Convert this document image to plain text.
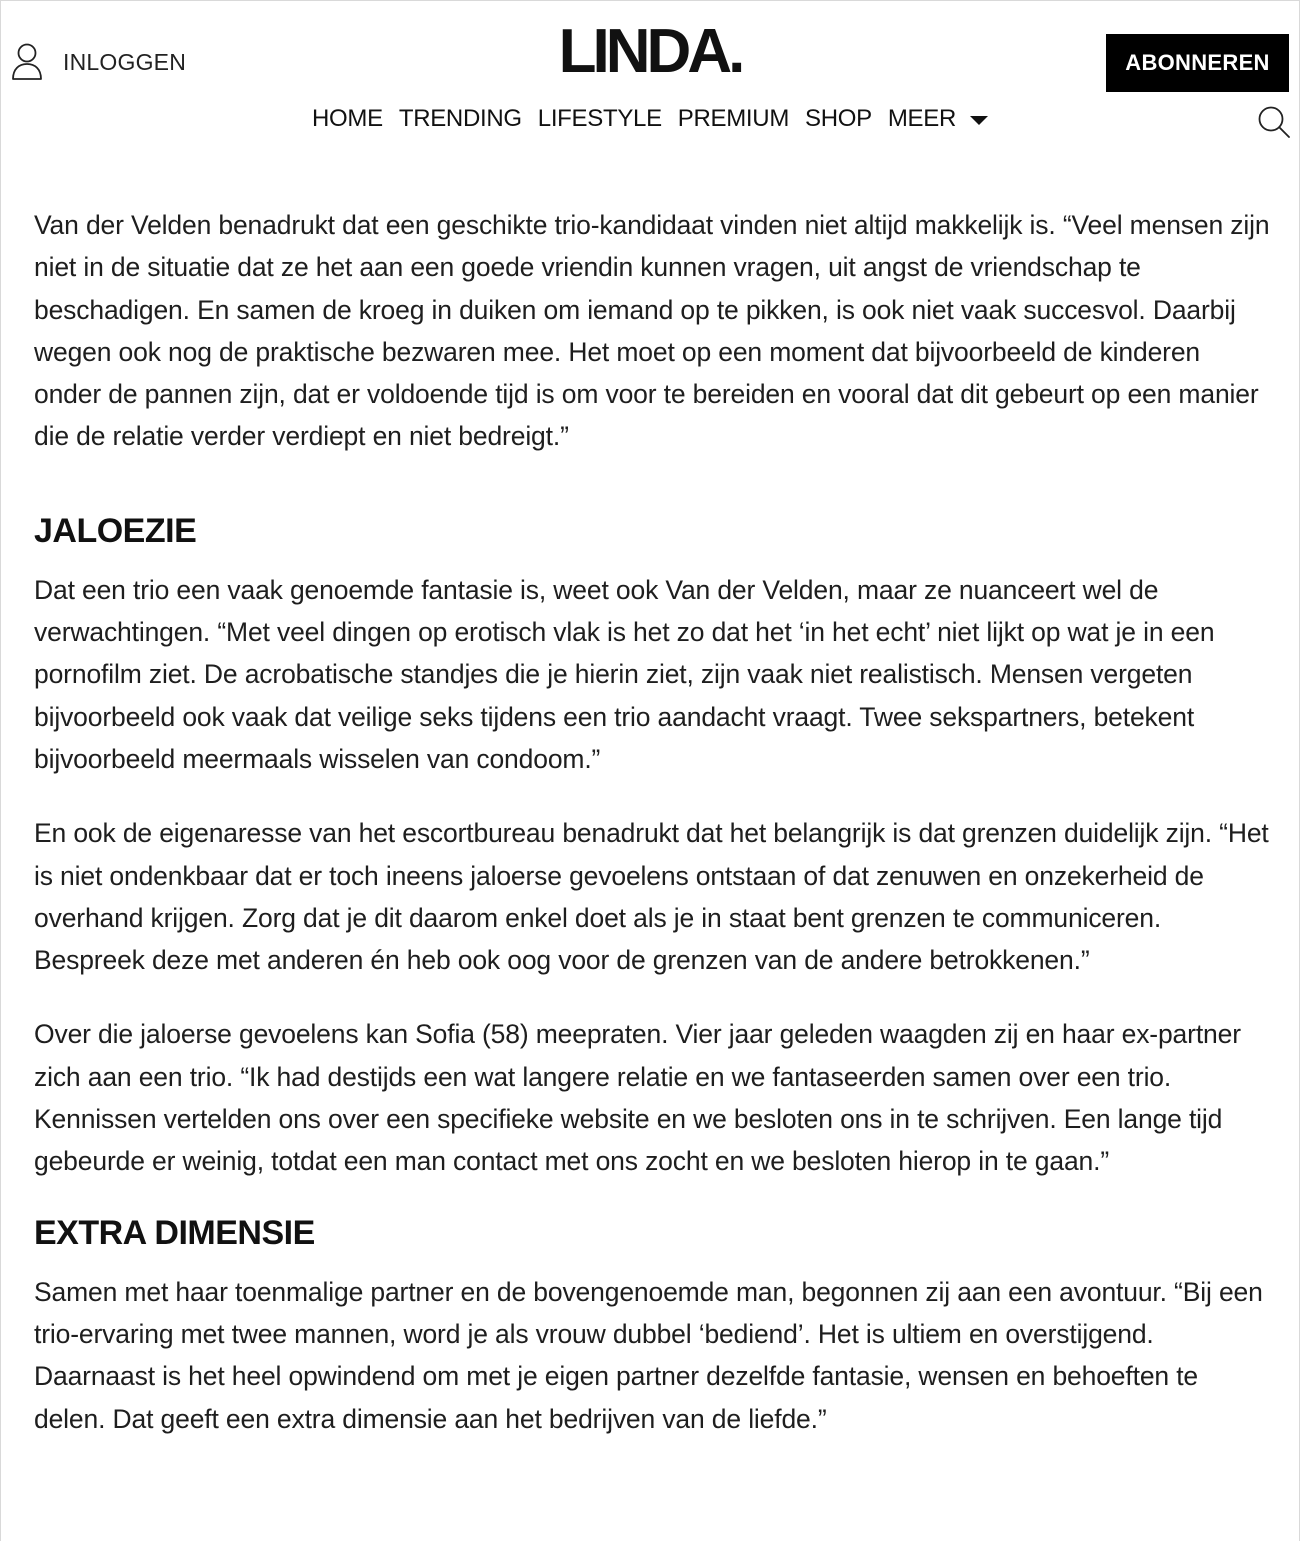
INLOGGEN	LINDA.	ABONNEREN
HOME TRENDING LIFESTYLE PREMIUM SHOP MEER

Van der Velden benadrukt dat een geschikte trio-kandidaat vinden niet altijd makkelijk is. “Veel mensen zijn niet in de situatie dat ze het aan een goede vriendin kunnen vragen, uit angst de vriendschap te beschadigen. En samen de kroeg in duiken om iemand op te pikken, is ook niet vaak succesvol. Daarbij wegen ook nog de praktische bezwaren mee. Het moet op een moment dat bijvoorbeeld de kinderen onder de pannen zijn, dat er voldoende tijd is om voor te bereiden en vooral dat dit gebeurt op een manier die de relatie verder verdiept en niet bedreigt.”

JALOEZIE

Dat een trio een vaak genoemde fantasie is, weet ook Van der Velden, maar ze nuanceert wel de verwachtingen. “Met veel dingen op erotisch vlak is het zo dat het ‘in het echt’ niet lijkt op wat je in een pornofilm ziet. De acrobatische standjes die je hierin ziet, zijn vaak niet realistisch. Mensen vergeten bijvoorbeeld ook vaak dat veilige seks tijdens een trio aandacht vraagt. Twee sekspartners, betekent bijvoorbeeld meermaals wisselen van condoom.”

En ook de eigenaresse van het escortbureau benadrukt dat het belangrijk is dat grenzen duidelijk zijn. “Het is niet ondenkbaar dat er toch ineens jaloerse gevoelens ontstaan of dat zenuwen en onzekerheid de overhand krijgen. Zorg dat je dit daarom enkel doet als je in staat bent grenzen te communiceren. Bespreek deze met anderen én heb ook oog voor de grenzen van de andere betrokkenen.”

Over die jaloerse gevoelens kan Sofia (58) meepraten. Vier jaar geleden waagden zij en haar ex-partner zich aan een trio. “Ik had destijds een wat langere relatie en we fantaseerden samen over een trio. Kennissen vertelden ons over een specifieke website en we besloten ons in te schrijven. Een lange tijd gebeurde er weinig, totdat een man contact met ons zocht en we besloten hierop in te gaan.”

EXTRA DIMENSIE

Samen met haar toenmalige partner en de bovengenoemde man, begonnen zij aan een avontuur. “Bij een trio-ervaring met twee mannen, word je als vrouw dubbel ‘bediend’. Het is ultiem en overstijgend. Daarnaast is het heel opwindend om met je eigen partner dezelfde fantasie, wensen en behoeften te delen. Dat geeft een extra dimensie aan het bedrijven van de liefde.”
